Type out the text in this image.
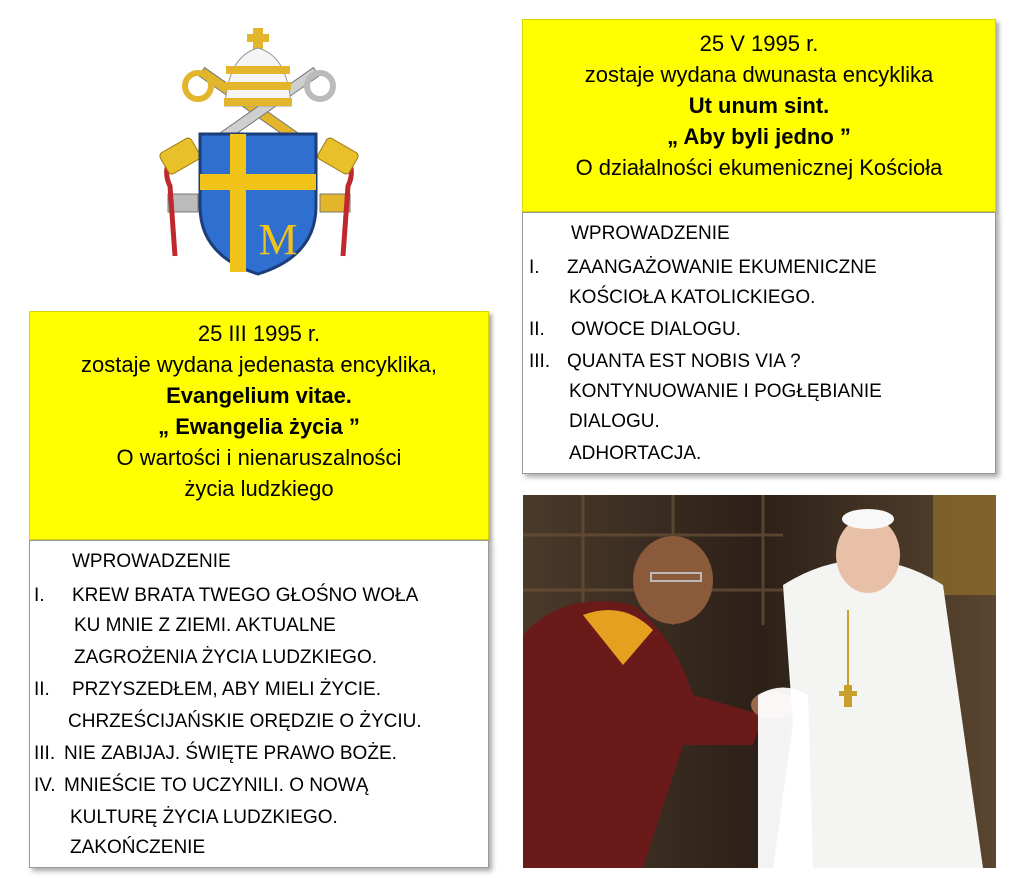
M
25 V 1995 r.
zostaje wydana dwunasta encyklika
Ut unum sint.
„ Aby byli jedno ”
O działalności ekumenicznej Kościoła
WPROWADZENIE
I. ZAANGAŻOWANIE EKUMENICZNE
KOŚCIOŁA KATOLICKIEGO.
II. OWOCE DIALOGU.
III. QUANTA EST NOBIS VIA ?
KONTYNUOWANIE I POGŁĘBIANIE
DIALOGU.
ADHORTACJA.
25 III 1995 r.
zostaje wydana jedenasta encyklika,
Evangelium vitae.
„ Ewangelia życia ”
O wartości i nienaruszalności
życia ludzkiego
WPROWADZENIE
I. KREW BRATA TWEGO GŁOŚNO WOŁA
KU MNIE Z ZIEMI. AKTUALNE
ZAGROŻENIA ŻYCIA LUDZKIEGO.
II. PRZYSZEDŁEM, ABY MIELI ŻYCIE.
CHRZEŚCIJAŃSKIE ORĘDZIE O ŻYCIU.
III. NIE ZABIJAJ. ŚWIĘTE PRAWO BOŻE.
IV. MNIEŚCIE TO UCZYNILI. O NOWĄ
KULTURĘ ŻYCIA LUDZKIEGO.
ZAKOŃCZENIE
